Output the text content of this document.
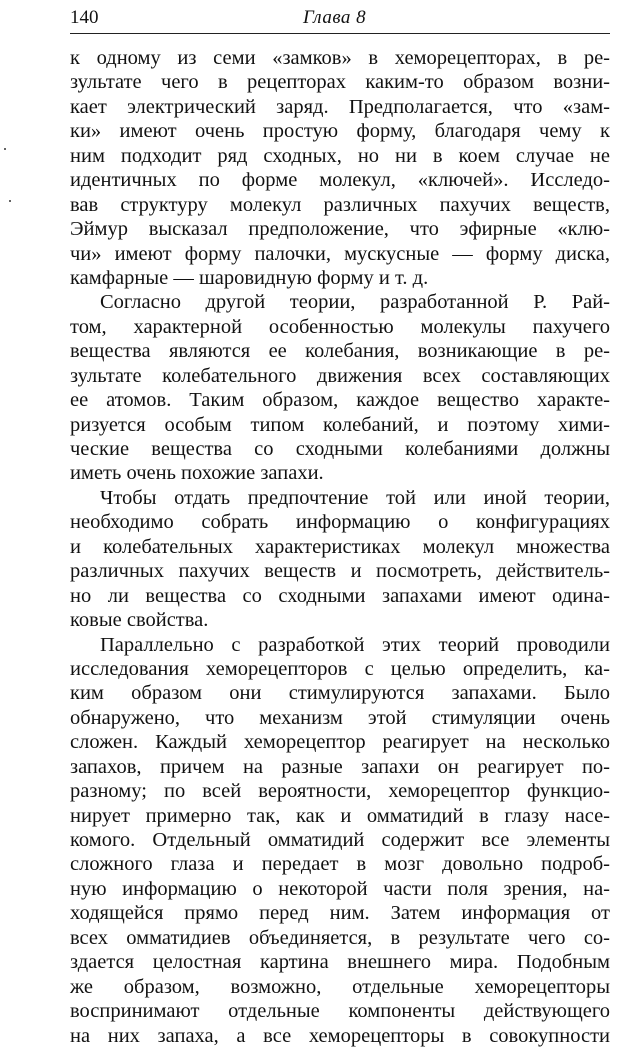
140	Глава 8
к одному из семи «замков» в хеморецепторах, в ре-
зультате чего в рецепторах каким-то образом возни-
кает электрический заряд. Предполагается, что «зам-
ки» имеют очень простую форму, благодаря чему к
ним подходит ряд сходных, но ни в коем случае не
идентичных по форме молекул, «ключей». Исследо-
вав структуру молекул различных пахучих веществ,
Эймур высказал предположение, что эфирные «клю-
чи» имеют форму палочки, мускусные — форму диска,
камфарные — шаровидную форму и т. д.
Согласно другой теории, разработанной Р. Рай-
том, характерной особенностью молекулы пахучего
вещества являются ее колебания, возникающие в ре-
зультате колебательного движения всех составляющих
ее атомов. Таким образом, каждое вещество характе-
ризуется особым типом колебаний, и поэтому хими-
ческие вещества со сходными колебаниями должны
иметь очень похожие запахи.
Чтобы отдать предпочтение той или иной теории,
необходимо собрать информацию о конфигурациях
и колебательных характеристиках молекул множества
различных пахучих веществ и посмотреть, действитель-
но ли вещества со сходными запахами имеют одина-
ковые свойства.
Параллельно с разработкой этих теорий проводили
исследования хеморецепторов с целью определить, ка-
ким образом они стимулируются запахами. Было
обнаружено, что механизм этой стимуляции очень
сложен. Каждый хеморецептор реагирует на несколько
запахов, причем на разные запахи он реагирует по-
разному; по всей вероятности, хеморецептор функцио-
нирует примерно так, как и омматидий в глазу насе-
комого. Отдельный омматидий содержит все элементы
сложного глаза и передает в мозг довольно подроб-
ную информацию о некоторой части поля зрения, на-
ходящейся прямо перед ним. Затем информация от
всех омматидиев объединяется, в результате чего со-
здается целостная картина внешнего мира. Подобным
же образом, возможно, отдельные хеморецепторы
воспринимают отдельные компоненты действующего
на них запаха, а все хеморецепторы в совокупности
